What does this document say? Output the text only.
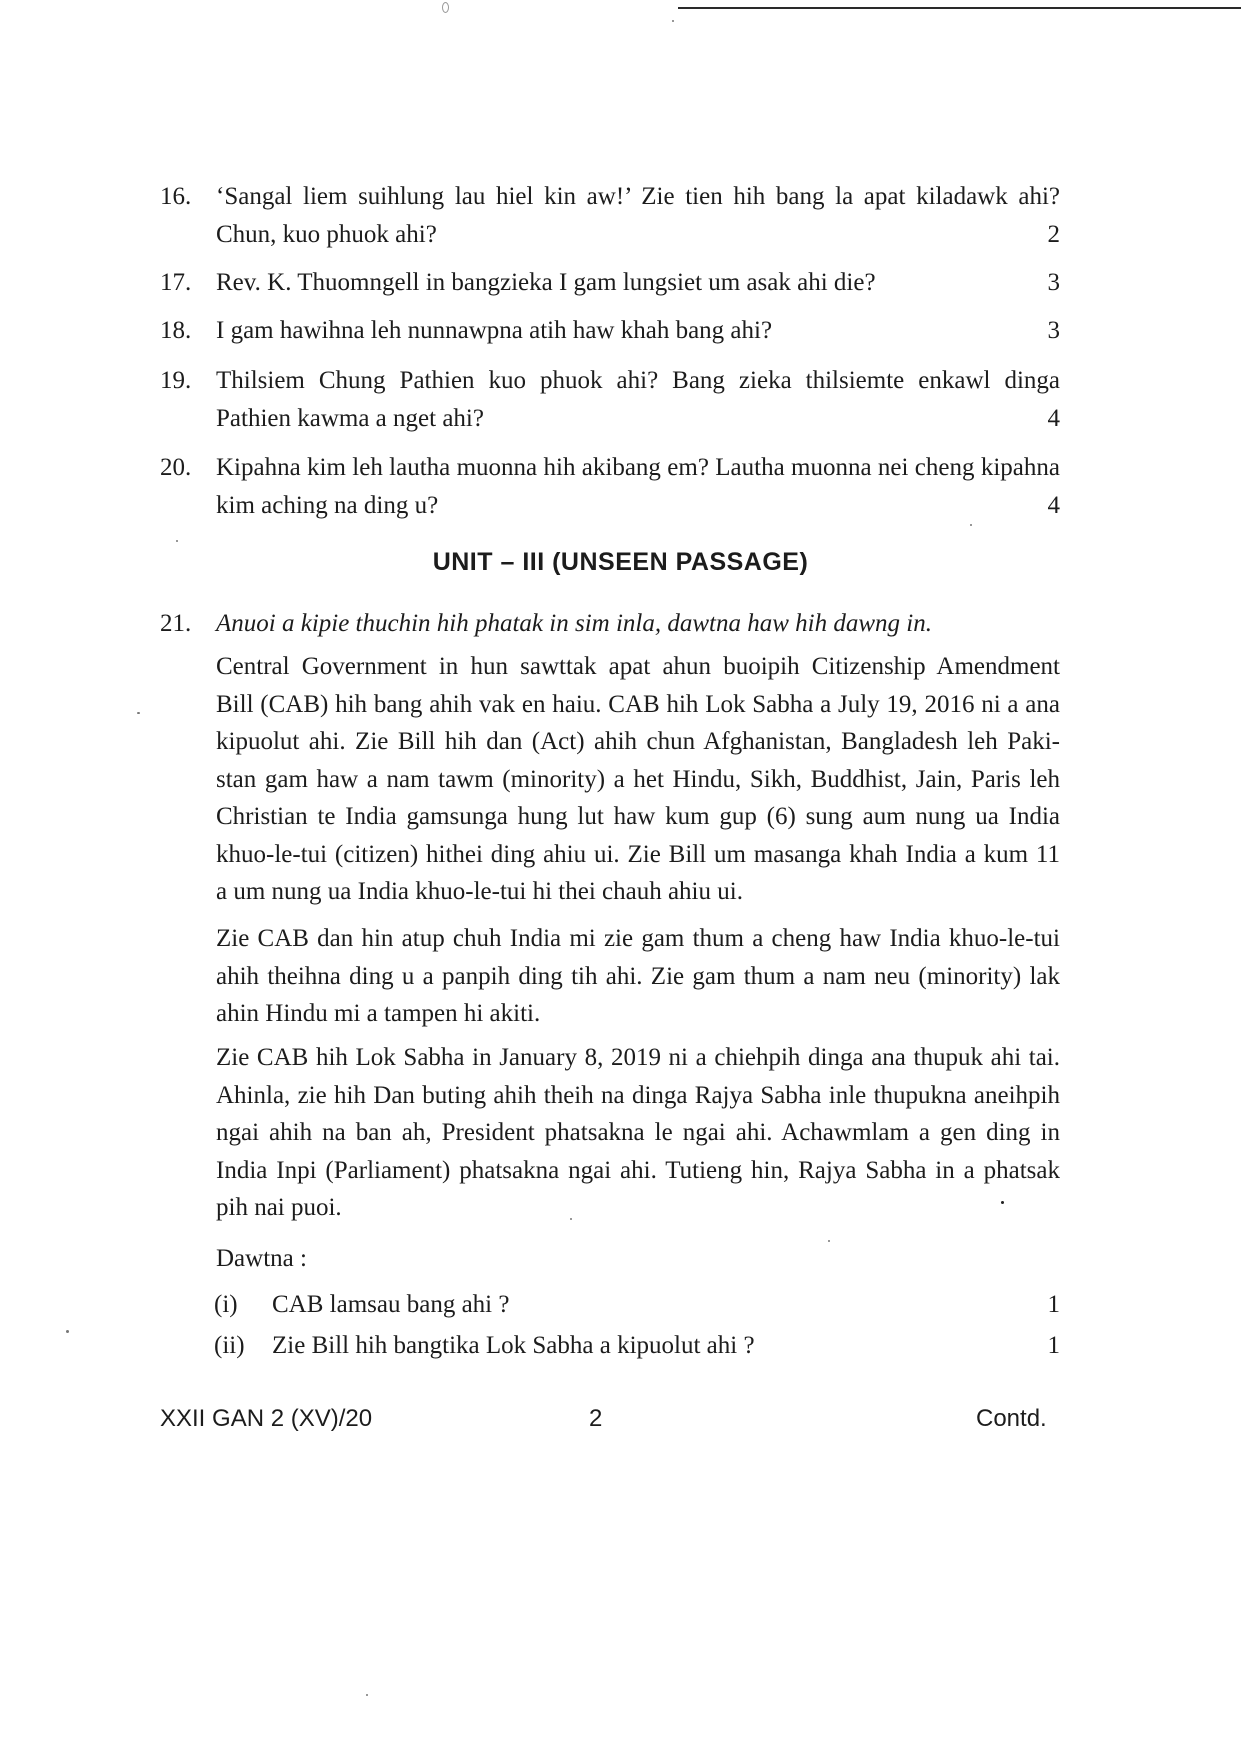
16. ‘Sangal liem suihlung lau hiel kin aw!’ Zie tien hih bang la apat kiladawk ahi?
Chun, kuo phuok ahi?	2
17. Rev. K. Thuomngell in bangzieka I gam lungsiet um asak ahi die?	3
18. I gam hawihna leh nunnawpna atih haw khah bang ahi?	3
19. Thilsiem Chung Pathien kuo phuok ahi? Bang zieka thilsiemte enkawl dinga
Pathien kawma a nget ahi?	4
20. Kipahna kim leh lautha muonna hih akibang em? Lautha muonna nei cheng kipahna
kim aching na ding u?	4
UNIT – III (UNSEEN PASSAGE)
21. Anuoi a kipie thuchin hih phatak in sim inla, dawtna haw hih dawng in.
Central Government in hun sawttak apat ahun buoipih Citizenship Amendment
Bill (CAB) hih bang ahih vak en haiu. CAB hih Lok Sabha a July 19, 2016 ni a ana
kipuolut ahi. Zie Bill hih dan (Act) ahih chun Afghanistan, Bangladesh leh Paki-
stan gam haw a nam tawm (minority) a het Hindu, Sikh, Buddhist, Jain, Paris leh
Christian te India gamsunga hung lut haw kum gup (6) sung aum nung ua India
khuo-le-tui (citizen) hithei ding ahiu ui. Zie Bill um masanga khah India a kum 11
a um nung ua India khuo-le-tui hi thei chauh ahiu ui.
Zie CAB dan hin atup chuh India mi zie gam thum a cheng haw India khuo-le-tui
ahih theihna ding u a panpih ding tih ahi. Zie gam thum a nam neu (minority) lak
ahin Hindu mi a tampen hi akiti.
Zie CAB hih Lok Sabha in January 8, 2019 ni a chiehpih dinga ana thupuk ahi tai.
Ahinla, zie hih Dan buting ahih theih na dinga Rajya Sabha inle thupukna aneihpih
ngai ahih na ban ah, President phatsakna le ngai ahi. Achawmlam a gen ding in
India Inpi (Parliament) phatsakna ngai ahi. Tutieng hin, Rajya Sabha in a phatsak
pih nai puoi.
Dawtna :
(i) CAB lamsau bang ahi ?	1
(ii) Zie Bill hih bangtika Lok Sabha a kipuolut ahi ?	1
XXII GAN 2 (XV)/20	2	Contd.
